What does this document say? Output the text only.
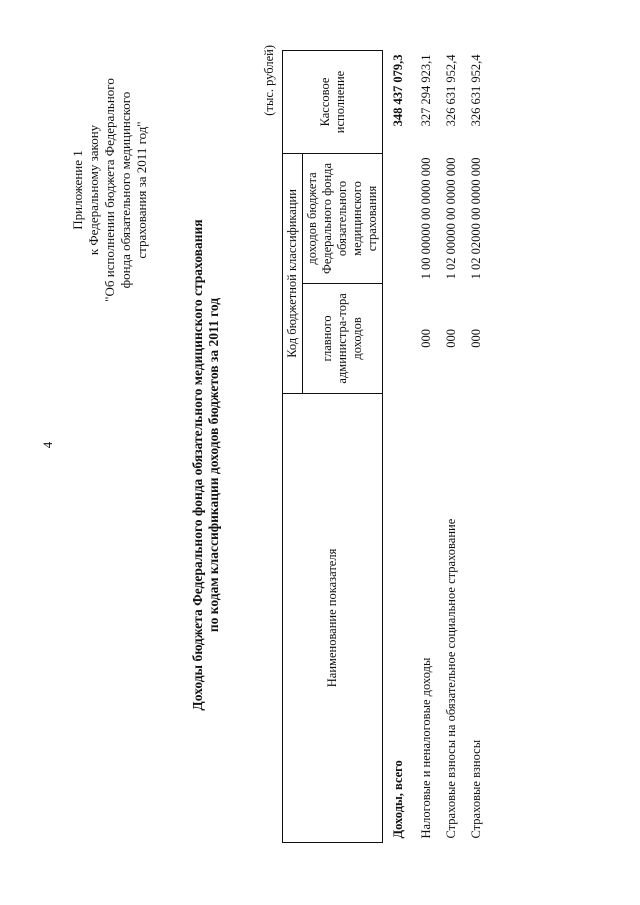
4
Приложение 1 к Федеральному закону "Об исполнении бюджета Федерального фонда обязательного медицинского страхования за 2011 год"
Доходы бюджета Федерального фонда обязательного медицинского страхования по кодам классификации доходов бюджетов за 2011 год
(тыс. рублей)
Наименование показателя	Код бюджетной классификации		Кассовое исполнение
	главного администра-тора доходов	доходов бюджета Федерального фонда обязательного медицинского страхования	
Доходы, всего			348 437 079,3
Налоговые и неналоговые доходы	000	1 00 00000 00 0000 000	327 294 923,1
Страховые взносы на обязательное социальное страхование	000	1 02 00000 00 0000 000	326 631 952,4
Страховые взносы	000	1 02 02000 00 0000 000	326 631 952,4
